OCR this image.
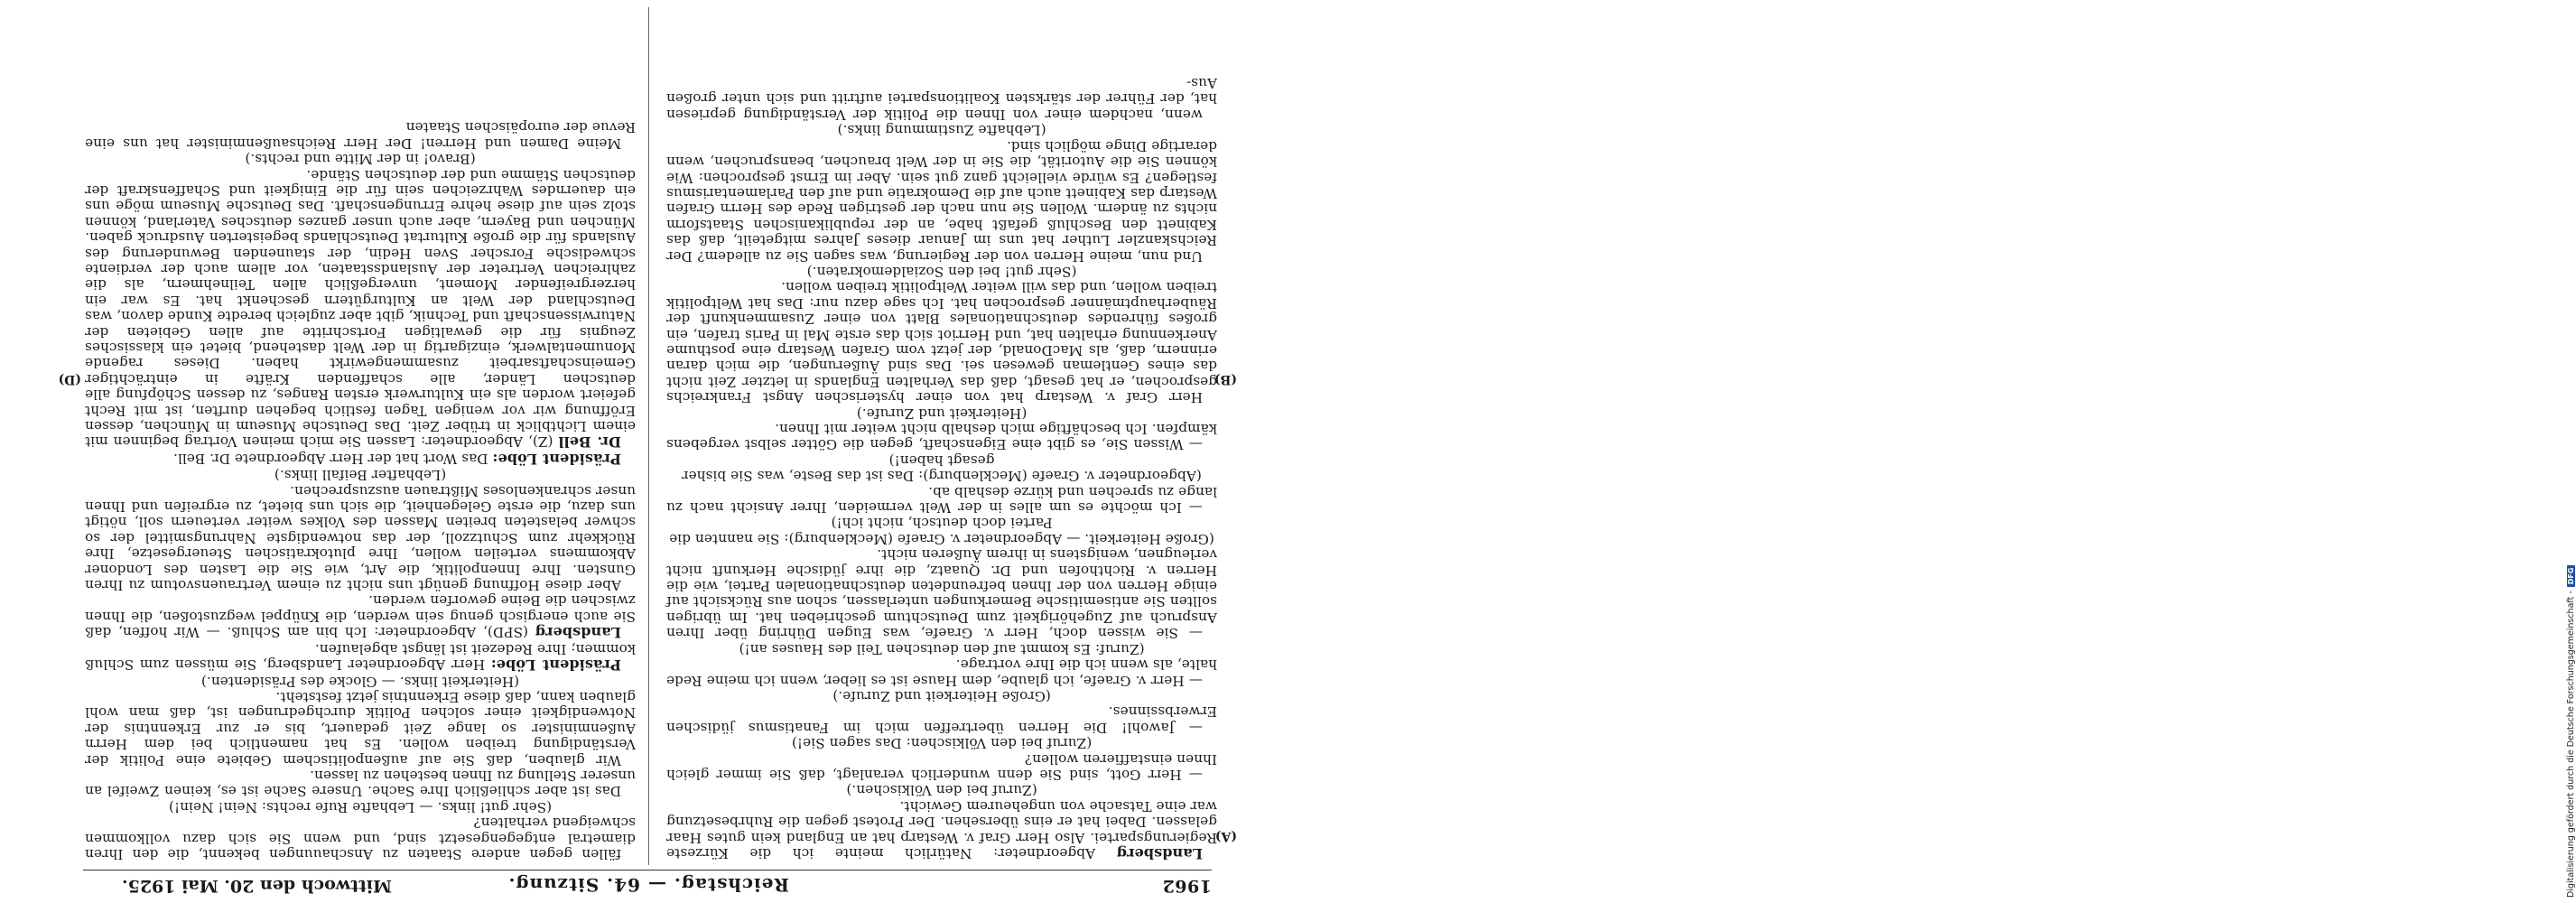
1962
Reichstag. — 64. Sitzung.
Mittwoch den 20. Mai 1925.
(A)
(B)
(D)

Landsberg Abgeordneter: Natürlich meinte ich die Kürzeste Regierungspartei. Also Herr Graf v. Westarp hat an England kein gutes Haar gelassen. Dabei hat er eins übersehen. Der Protest gegen die Ruhrbesetzung war eine Tatsache von ungeheurem Gewicht.

(Zuruf bei den Völkischen.)

— Herr Gott, sind Sie denn wunderlich veranlagt, daß Sie immer gleich Ihnen einstaffieren wollen?

(Zuruf bei den Völkischen: Das sagen Sie!)

— Jawohl! Die Herren übertreffen mich im Fanatismus jüdischen Erwerbssinnes.

(Große Heiterkeit und Zurufe.)

— Herr v. Graefe, ich glaube, dem Hause ist es lieber, wenn ich meine Rede halte, als wenn ich die Ihre vortrage.

(Zuruf: Es kommt auf den deutschen Teil des Hauses an!)

— Sie wissen doch, Herr v. Graefe, was Eugen Dühring über Ihren Anspruch auf Zugehörigkeit zum Deutschtum geschrieben hat. Im übrigen sollten Sie antisemitische Bemerkungen unterlassen, schon aus Rücksicht auf einige Herren von der Ihnen befreundeten deutschnationalen Partei, wie die Herren v. Richthofen und Dr. Quaatz, die ihre jüdische Herkunft nicht verleugnen, wenigstens in ihrem Äußeren nicht.

(Große Heiterkeit. — Abgeordneter v. Graefe (Mecklenburg): Sie nannten die Partei doch deutsch, nicht ich!)

— Ich möchte es um alles in der Welt vermeiden, Ihrer Ansicht nach zu lange zu sprechen und kürze deshalb ab.

(Abgeordneter v. Graefe (Mecklenburg): Das ist das Beste, was Sie bisher gesagt haben!)

— Wissen Sie, es gibt eine Eigenschaft, gegen die Götter selbst vergebens kämpfen. Ich beschäftige mich deshalb nicht weiter mit Ihnen.

(Heiterkeit und Zurufe.)

Herr Graf v. Westarp hat von einer hysterischen Angst Frankreichs gesprochen, er hat gesagt, daß das Verhalten Englands in letzter Zeit nicht das eines Gentleman gewesen sei. Das sind Äußerungen, die mich daran erinnern, daß, als MacDonald, der jetzt vom Grafen Westarp eine posthume Anerkennung erhalten hat, und Herriot sich das erste Mal in Paris trafen, ein großes führendes deutschnationales Blatt von einer Zusammenkunft der Räuberhauptmänner gesprochen hat. Ich sage dazu nur: Das hat Weltpolitik treiben wollen, und das will weiter Weltpolitik treiben wollen.

(Sehr gut! bei den Sozialdemokraten.)

Und nun, meine Herren von der Regierung, was sagen Sie zu alledem? Der Reichskanzler Luther hat uns im Januar dieses Jahres mitgeteilt, daß das Kabinett den Beschluß gefaßt habe, an der republikanischen Staatsform nichts zu ändern. Wollen Sie nun nach der gestrigen Rede des Herrn Grafen Westarp das Kabinett auch auf die Demokratie und auf den Parlamentarismus festlegen? Es würde vielleicht ganz gut sein. Aber im Ernst gesprochen: Wie können Sie die Autorität, die Sie in der Welt brauchen, beanspruchen, wenn derartige Dinge möglich sind.

(Lebhafte Zustimmung links.)

wenn, nachdem einer von Ihnen die Politik der Verständigung gepriesen hat, der Führer der stärksten Koalitionspartei auftritt und sich unter großen Aus-

fällen gegen andere Staaten zu Anschauungen bekennt, die den Ihren diametral entgegengesetzt sind, und wenn Sie sich dazu vollkommen schweigend verhalten?

(Sehr gut! links. — Lebhafte Rufe rechts: Nein! Nein!)

Das ist aber schließlich Ihre Sache. Unsere Sache ist es, keinen Zweifel an unserer Stellung zu Ihnen bestehen zu lassen.

Wir glauben, daß Sie auf außenpolitischem Gebiete eine Politik der Verständigung treiben wollen. Es hat namentlich bei dem Herrn Außenminister so lange Zeit gedauert, bis er zur Erkenntnis der Notwendigkeit einer solchen Politik durchgedrungen ist, daß man wohl glauben kann, daß diese Erkenntnis jetzt feststeht.

(Heiterkeit links. — Glocke des Präsidenten.)

Präsident Löbe: Herr Abgeordneter Landsberg, Sie müssen zum Schluß kommen; Ihre Redezeit ist längst abgelaufen.

Landsberg (SPD), Abgeordneter: Ich bin am Schluß. — Wir hoffen, daß Sie auch energisch genug sein werden, die Knüppel wegzustoßen, die Ihnen zwischen die Beine geworfen werden.

Aber diese Hoffnung genügt uns nicht zu einem Vertrauensvotum zu Ihren Gunsten. Ihre Innenpolitik, die Art, wie Sie die Lasten des Londoner Abkommens verteilen wollen, Ihre plutokratischen Steuergesetze, Ihre Rückkehr zum Schutzzoll, der das notwendigste Nahrungsmittel der so schwer belasteten breiten Massen des Volkes weiter verteuern soll, nötigt uns dazu, die erste Gelegenheit, die sich uns bietet, zu ergreifen und Ihnen unser schrankenloses Mißtrauen auszusprechen.

(Lebhafter Beifall links.)

Präsident Löbe: Das Wort hat der Herr Abgeordnete Dr. Bell.

Dr. Bell (Z), Abgeordneter: Lassen Sie mich meinen Vortrag beginnen mit einem Lichtblick in trüber Zeit. Das Deutsche Museum in München, dessen Eröffnung wir vor wenigen Tagen festlich begehen durften, ist mit Recht gefeiert worden als ein Kulturwerk ersten Ranges, zu dessen Schöpfung alle deutschen Länder, alle schaffenden Kräfte in einträchtiger Gemeinschaftsarbeit zusammengewirkt haben. Dieses ragende Monumentalwerk, einzigartig in der Welt dastehend, bietet ein klassisches Zeugnis für die gewaltigen Fortschritte auf allen Gebieten der Naturwissenschaft und Technik, gibt aber zugleich beredte Kunde davon, was Deutschland der Welt an Kulturgütern geschenkt hat. Es war ein herzergreifender Moment, unvergeßlich allen Teilnehmern, als die zahlreichen Vertreter der Auslandsstaaten, vor allem auch der verdiente schwedische Forscher Sven Hedin, der staunenden Bewunderung des Auslands für die große Kulturtat Deutschlands begeisterten Ausdruck gaben. München und Bayern, aber auch unser ganzes deutsches Vaterland, können stolz sein auf diese hehre Errungenschaft. Das Deutsche Museum möge uns ein dauerndes Wahrzeichen sein für die Einigkeit und Schaffenskraft der deutschen Stämme und der deutschen Stände.

(Bravo! in der Mitte und rechts.)

Meine Damen und Herren! Der Herr Reichsaußenminister hat uns eine Revue der europäischen Staaten

Digitalisierung gefördert durch die Deutsche Forschungsgemeinschaft -DFG
